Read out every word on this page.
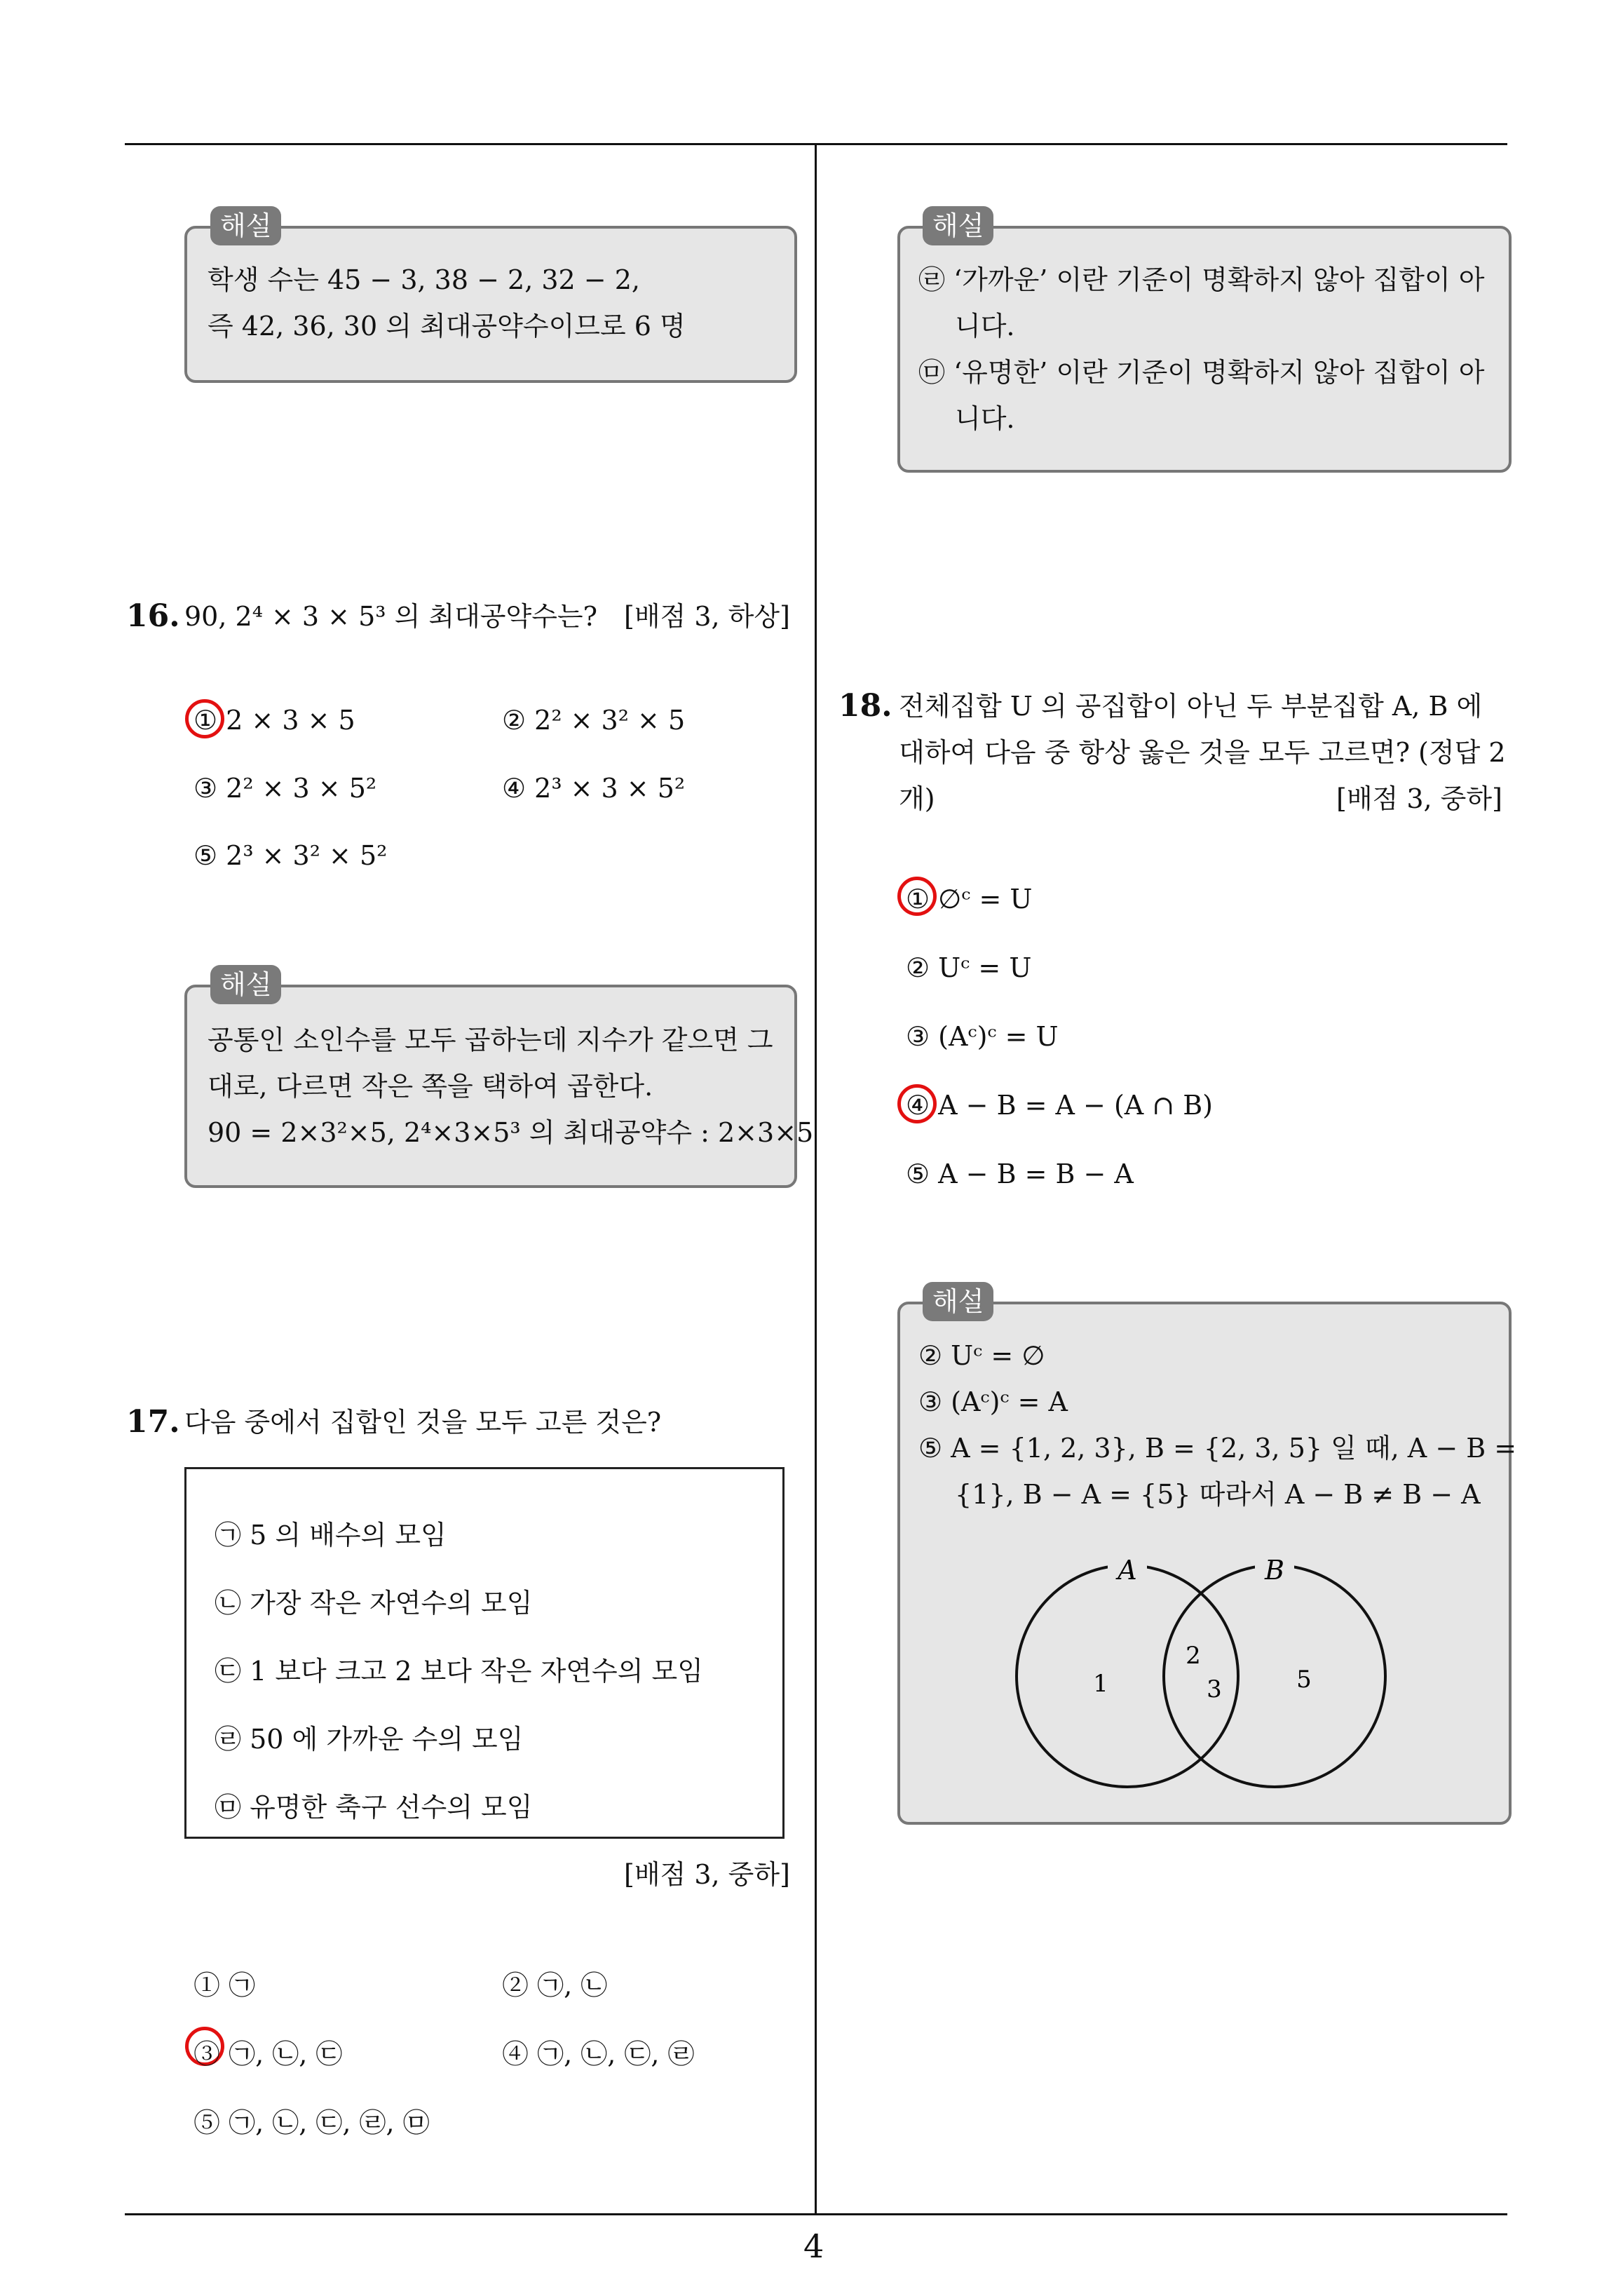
4
해설
학생 수는 45 − 3, 38 − 2, 32 − 2,
즉 42, 36, 30 의 최대공약수이므로 6 명
16. 90, 2⁴ × 3 × 5³ 의 최대공약수는? [배점 3, 하상]
① 2 × 3 × 5	② 2² × 3² × 5
③ 2² × 3 × 5²	④ 2³ × 3 × 5²
⑤ 2³ × 3² × 5²
해설
공통인 소인수를 모두 곱하는데 지수가 같으면 그
대로, 다르면 작은 쪽을 택하여 곱한다.
90 = 2×3²×5, 2⁴×3×5³ 의 최대공약수 : 2×3×5
17. 다음 중에서 집합인 것을 모두 고른 것은?
㉠ 5 의 배수의 모임
㉡ 가장 작은 자연수의 모임
㉢ 1 보다 크고 2 보다 작은 자연수의 모임
㉣ 50 에 가까운 수의 모임
㉤ 유명한 축구 선수의 모임
[배점 3, 중하]
① ㉠	② ㉠, ㉡
③ ㉠, ㉡, ㉢	④ ㉠, ㉡, ㉢, ㉣
⑤ ㉠, ㉡, ㉢, ㉣, ㉤
해설
㉣ ‘가까운’ 이란 기준이 명확하지 않아 집합이 아
니다.
㉤ ‘유명한’ 이란 기준이 명확하지 않아 집합이 아
니다.
18. 전체집합 U 의 공집합이 아닌 두 부분집합 A, B 에
대하여 다음 중 항상 옳은 것을 모두 고르면? (정답 2
개)	[배점 3, 중하]
① ∅ᶜ = U
② Uᶜ = U
③ (Aᶜ)ᶜ = U
④ A − B = A − (A ∩ B)
⑤ A − B = B − A
해설
② Uᶜ = ∅
③ (Aᶜ)ᶜ = A
⑤ A = {1, 2, 3}, B = {2, 3, 5} 일 때, A − B =
{1}, B − A = {5} 따라서 A − B ≠ B − A
A	B
1
2
3	5
